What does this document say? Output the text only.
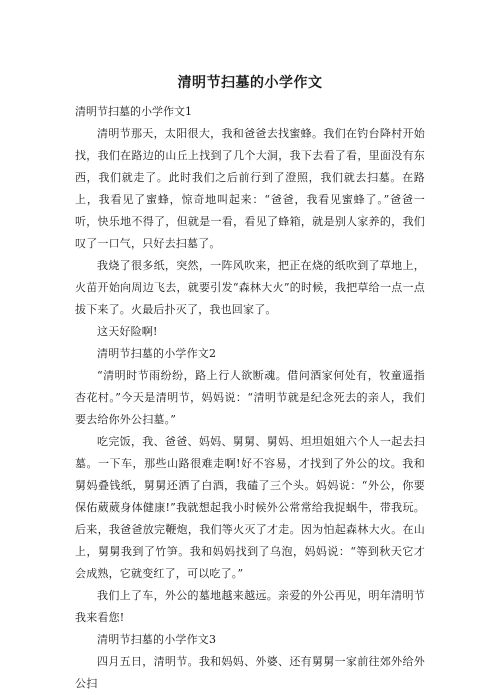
清明节扫墓的小学作文

清明节扫墓的小学作文1

清明节那天，太阳很大，我和爸爸去找蜜蜂。我们在钓台降村开始找，我们在路边的山丘上找到了几个大洞，我下去看了看，里面没有东西，我们就走了。此时我们之后前行到了澄照，我们就去扫墓。在路上，我看见了蜜蜂，惊奇地叫起来：“爸爸，我看见蜜蜂了。”爸爸一听，快乐地不得了，但就是一看，看见了蜂箱，就是别人家养的，我们叹了一口气，只好去扫墓了。

我烧了很多纸，突然，一阵风吹来，把正在烧的纸吹到了草地上，火苗开始向周边飞去，就要引发“森林大火”的时候，我把草给一点一点拔下来了。火最后扑灭了，我也回家了。

这天好险啊!

清明节扫墓的小学作文2

“清明时节雨纷纷，路上行人欲断魂。借问酒家何处有，牧童遥指杏花村。”今天是清明节，妈妈说：“清明节就是纪念死去的亲人，我们要去给你外公扫墓。”

吃完饭，我、爸爸、妈妈、舅舅、舅妈、坦坦姐姐六个人一起去扫墓。一下车，那些山路很难走啊!好不容易，才找到了外公的坟。我和舅妈叠钱纸，舅舅还洒了白酒，我磕了三个头。妈妈说：“外公，你要保佑葳葳身体健康!”我就想起我小时候外公常常给我捉蜗牛，带我玩。后来，我爸爸放完鞭炮，我们等火灭了才走。因为怕起森林大火。在山上，舅舅我到了竹笋。我和妈妈找到了乌泡，妈妈说：“等到秋天它才会成熟，它就变红了，可以吃了。”

我们上了车，外公的墓地越来越远。亲爱的外公再见，明年清明节我来看您!

清明节扫墓的小学作文3

四月五日，清明节。我和妈妈、外婆、还有舅舅一家前往郊外给外公扫
